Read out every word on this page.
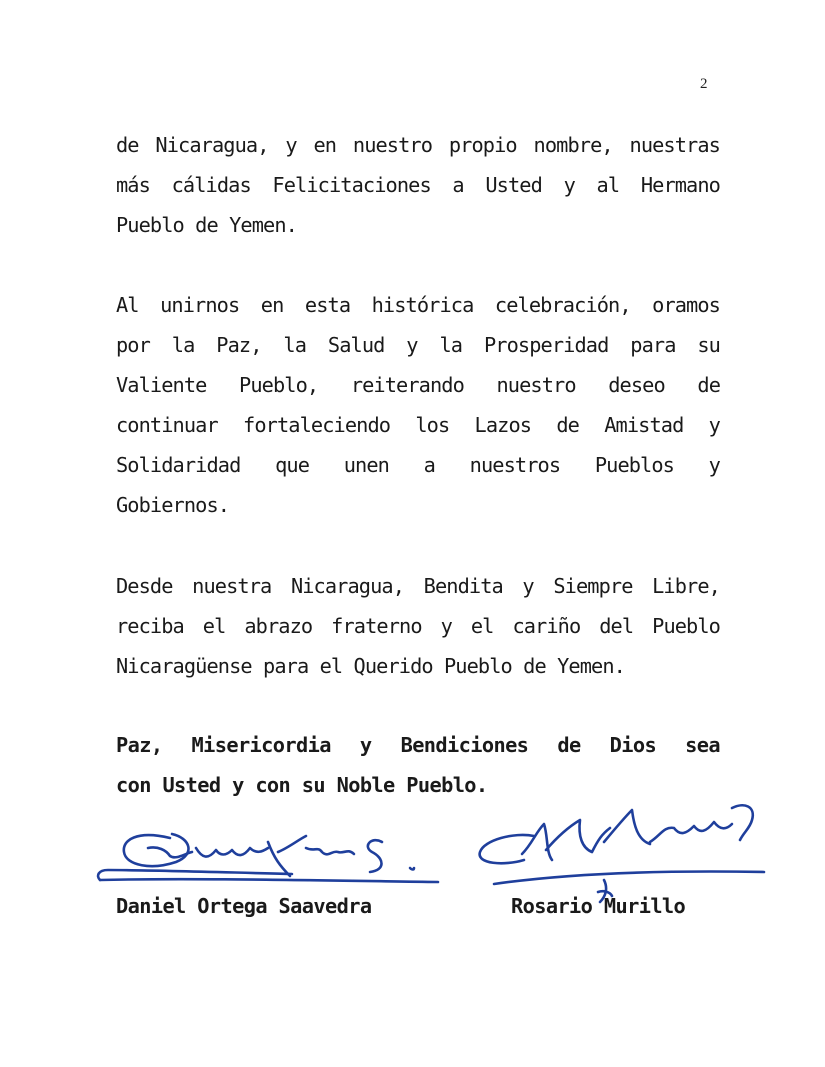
2
de Nicaragua, y en nuestro propio nombre, nuestras
más cálidas Felicitaciones a Usted y al Hermano
Pueblo de Yemen.
Al unirnos en esta histórica celebración, oramos
por la Paz, la Salud y la Prosperidad para su
Valiente Pueblo, reiterando nuestro deseo de
continuar fortaleciendo los Lazos de Amistad y
Solidaridad que unen a nuestros Pueblos y
Gobiernos.
Desde nuestra Nicaragua, Bendita y Siempre Libre,
reciba el abrazo fraterno y el cariño del Pueblo
Nicaragüense para el Querido Pueblo de Yemen.
Paz, Misericordia y Bendiciones de Dios sea
con Usted y con su Noble Pueblo.
Daniel Ortega Saavedra	Rosario Murillo
